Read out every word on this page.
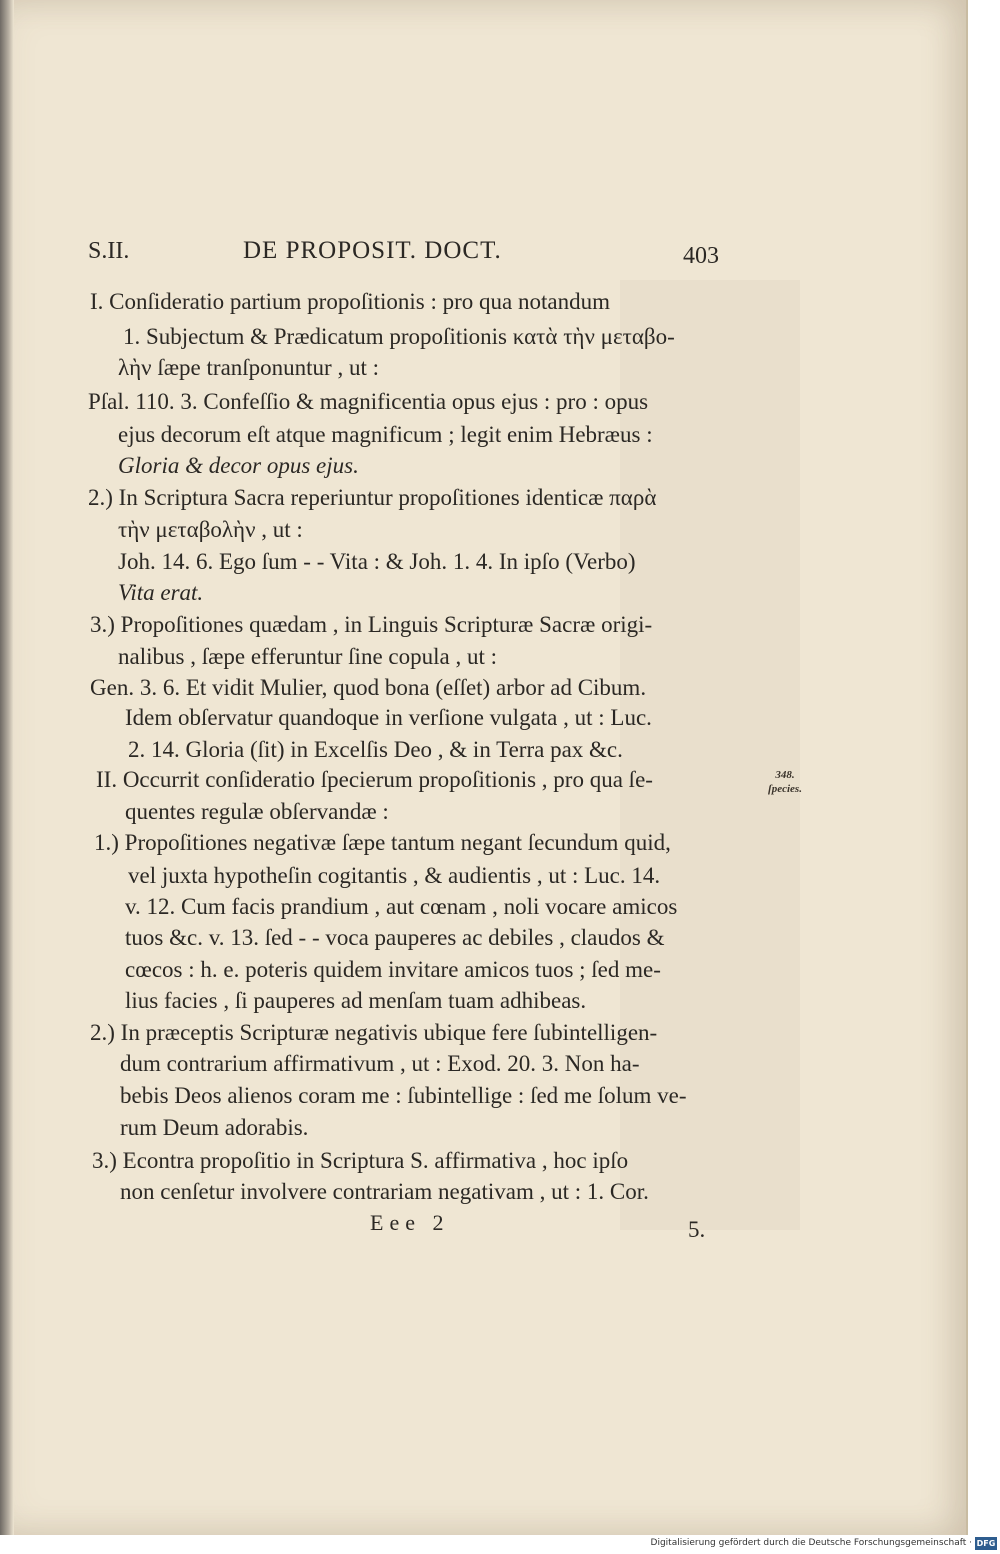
S.II.	DE PROPOSIT. DOCT.	403
I. Conſideratio partium propoſitionis : pro qua notandum
1. Subjectum & Prædicatum propoſitionis κατὰ τὴν μεταβο-
λὴν ſæpe tranſponuntur , ut :
Pſal. 110. 3. Confeſſio & magnificentia opus ejus : pro : opus
ejus decorum eſt atque magnificum ; legit enim Hebræus :
Gloria & decor opus ejus.
2.) In Scriptura Sacra reperiuntur propoſitiones identicæ παρὰ
τὴν μεταβολὴν , ut :
Joh. 14. 6. Ego ſum - - Vita : & Joh. 1. 4. In ipſo (Verbo)
Vita erat.
3.) Propoſitiones quædam , in Linguis Scripturæ Sacræ origi-
nalibus , ſæpe efferuntur ſine copula , ut :
Gen. 3. 6. Et vidit Mulier, quod bona (eſſet) arbor ad Cibum.
Idem obſervatur quandoque in verſione vulgata , ut : Luc.
2. 14. Gloria (ſit) in Excelſis Deo , & in Terra pax &c.
II. Occurrit conſideratio ſpecierum propoſitionis , pro qua ſe-
quentes regulæ obſervandæ :
1.) Propoſitiones negativæ ſæpe tantum negant ſecundum quid,
vel juxta hypotheſin cogitantis , & audientis , ut : Luc. 14.
v. 12. Cum facis prandium , aut cœnam , noli vocare amicos
tuos &c. v. 13. ſed - - voca pauperes ac debiles , claudos &
cœcos : h. e. poteris quidem invitare amicos tuos ; ſed me-
lius facies , ſi pauperes ad menſam tuam adhibeas.
2.) In præceptis Scripturæ negativis ubique fere ſubintelligen-
dum contrarium affirmativum , ut : Exod. 20. 3. Non ha-
bebis Deos alienos coram me : ſubintellige : ſed me ſolum ve-
rum Deum adorabis.
3.) Econtra propoſitio in Scriptura S. affirmativa , hoc ipſo
non cenſetur involvere contrariam negativam , ut : 1. Cor.
348.
ſpecies.
Eee 2	5.
Digitalisierung gefördert durch die Deutsche Forschungsgemeinschaft · DFG
